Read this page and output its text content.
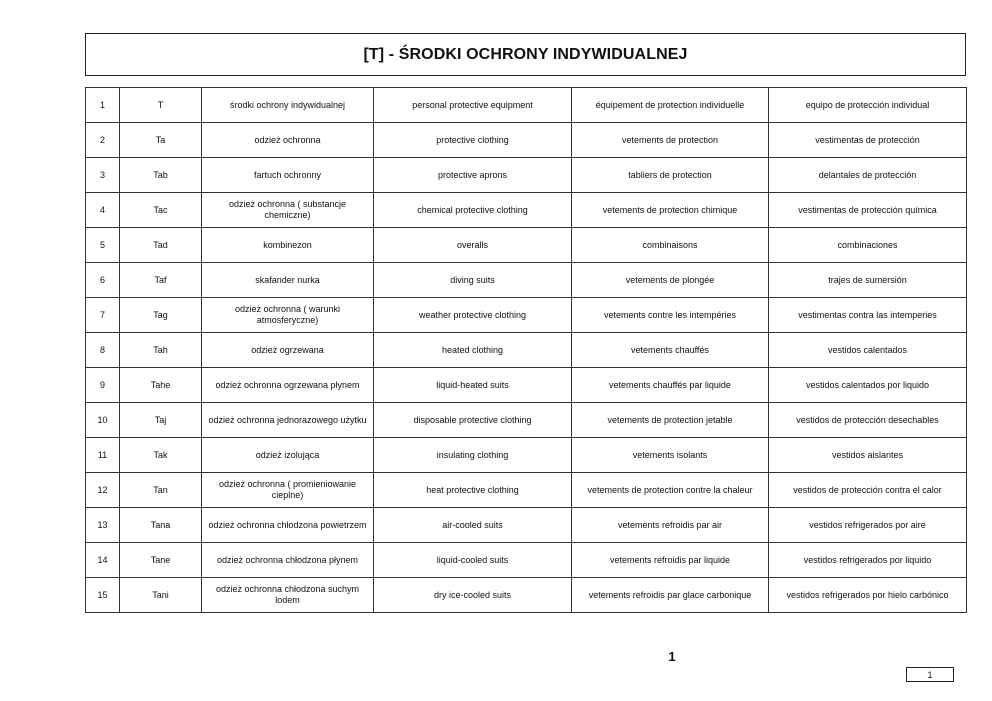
[T] - ŚRODKI OCHRONY INDYWIDUALNEJ
1	T	środki ochrony indywidualnej	personal protective equipment	équipement de protection individuelle	equipo de protección individual
2	Ta	odzież ochronna	protective clothing	vetements de protection	vestimentas de protección
3	Tab	fartuch ochronny	protective aprons	tabliers de protection	delantales de protección
4	Tac	odzież ochronna ( substancje chemiczne)	chemical protective clothing	vetements de protection chimique	vestimentas de protección química
5	Tad	kombinezon	overalls	combinaisons	combinaciones
6	Taf	skafander nurka	diving suits	vetements de plongée	trajes de sumersión
7	Tag	odzież ochronna ( warunki atmosferyczne)	weather protective clothing	vetements contre les intempéries	vestimentas contra las intemperies
8	Tah	odzież ogrzewana	heated clothing	vetements chauffés	vestidos calentados
9	Tahe	odzież ochronna ogrzewana płynem	liquid-heated suits	vetements chauffés par liquide	vestidos calentados por liquido
10	Taj	odzież ochronna jednorazowego użytku	disposable protective clothing	vetements de protection jetable	vestidos de protección desechables
11	Tak	odzież izolująca	insulating clothing	vetements isolants	vestidos aislantes
12	Tan	odzież ochronna ( promieniowanie cieplne)	heat protective clothing	vetements de protection contre la chaleur	vestidos de protección contra el calor
13	Tana	odzież ochronna chłodzona powietrzem	air-cooled suits	vetements refroidis par air	vestidos refrigerados por aire
14	Tane	odzież ochronna chłodzona płynem	liquid-cooled suits	vetements refroidis par liquide	vestidos refrigerados por liquido
15	Tani	odzież ochronna chłodzona suchym lodem	dry ice-cooled suits	vetements refroidis par glace carbonique	vestidos refrigerados por hielo carbónico
1
1
